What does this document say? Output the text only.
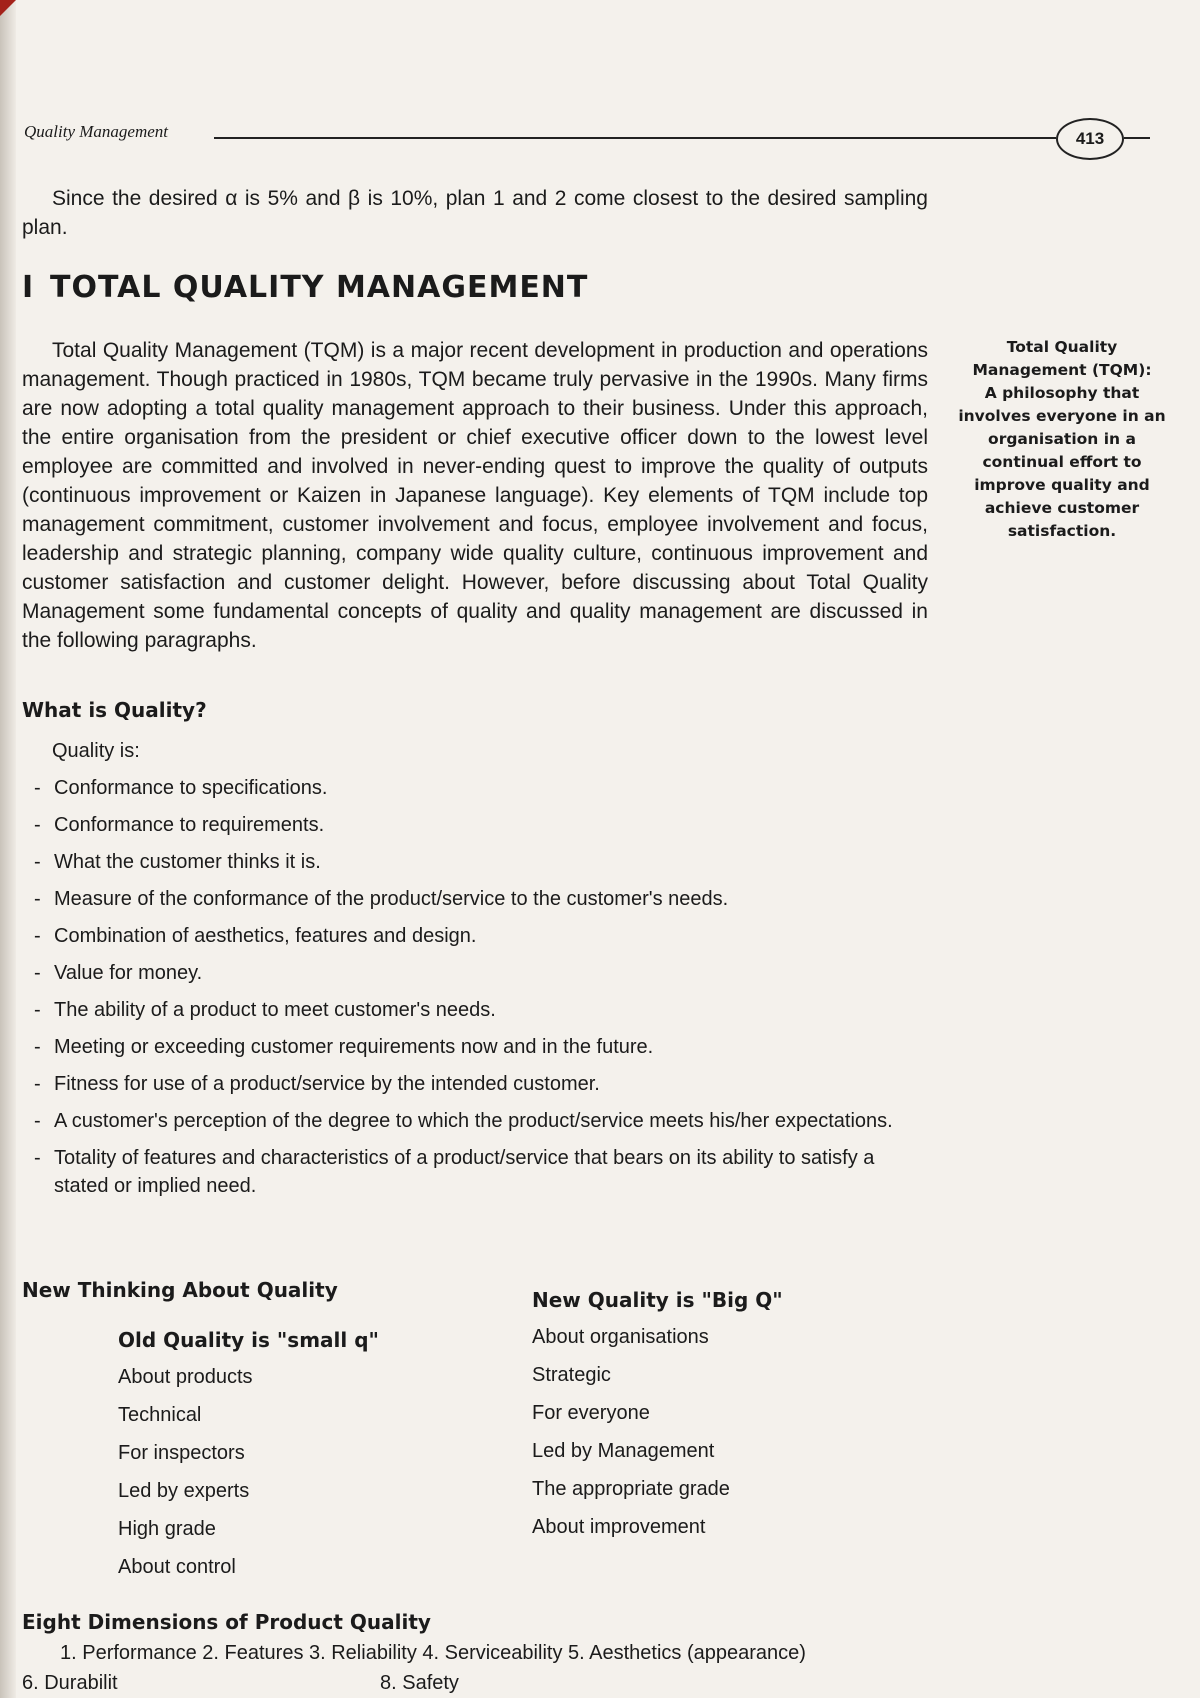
Quality Management	413

Since the desired α is 5% and β is 10%, plan 1 and 2 come closest to the desired sampling plan.

I TOTAL QUALITY MANAGEMENT

Total Quality Management (TQM) is a major recent development in production and operations management. Though practiced in 1980s, TQM became truly pervasive in the 1990s. Many firms are now adopting a total quality management approach to their business. Under this approach, the entire organisation from the president or chief executive officer down to the lowest level employee are committed and involved in never-ending quest to improve the quality of outputs (continuous improvement or Kaizen in Japanese language). Key elements of TQM include top management commitment, customer involvement and focus, employee involvement and focus, leadership and strategic planning, company wide quality culture, continuous improvement and customer satisfaction and customer delight. However, before discussing about Total Quality Management some fundamental concepts of quality and quality management are discussed in the following paragraphs.

Total Quality Management (TQM):
A philosophy that involves everyone in an organisation in a continual effort to improve quality and achieve customer satisfaction.
What is Quality?
Quality is:
- Conformance to specifications.
- Conformance to requirements.
- What the customer thinks it is.
- Measure of the conformance of the product/service to the customer's needs.
- Combination of aesthetics, features and design.
- Value for money.
- The ability of a product to meet customer's needs.
- Meeting or exceeding customer requirements now and in the future.
- Fitness for use of a product/service by the intended customer.
- A customer's perception of the degree to which the product/service meets his/her expectations.
- Totality of features and characteristics of a product/service that bears on its ability to satisfy a stated or implied need.
New Thinking About Quality
Old Quality is "small q"
About products
Technical
For inspectors
Led by experts
High grade
About control
New Quality is "Big Q"
About organisations
Strategic
For everyone
Led by Management
The appropriate grade
About improvement
Eight Dimensions of Product Quality
1. Performance 2. Features 3. Reliability 4. Serviceability 5. Aesthetics (appearance)
6. Durabilit	8. Safety
